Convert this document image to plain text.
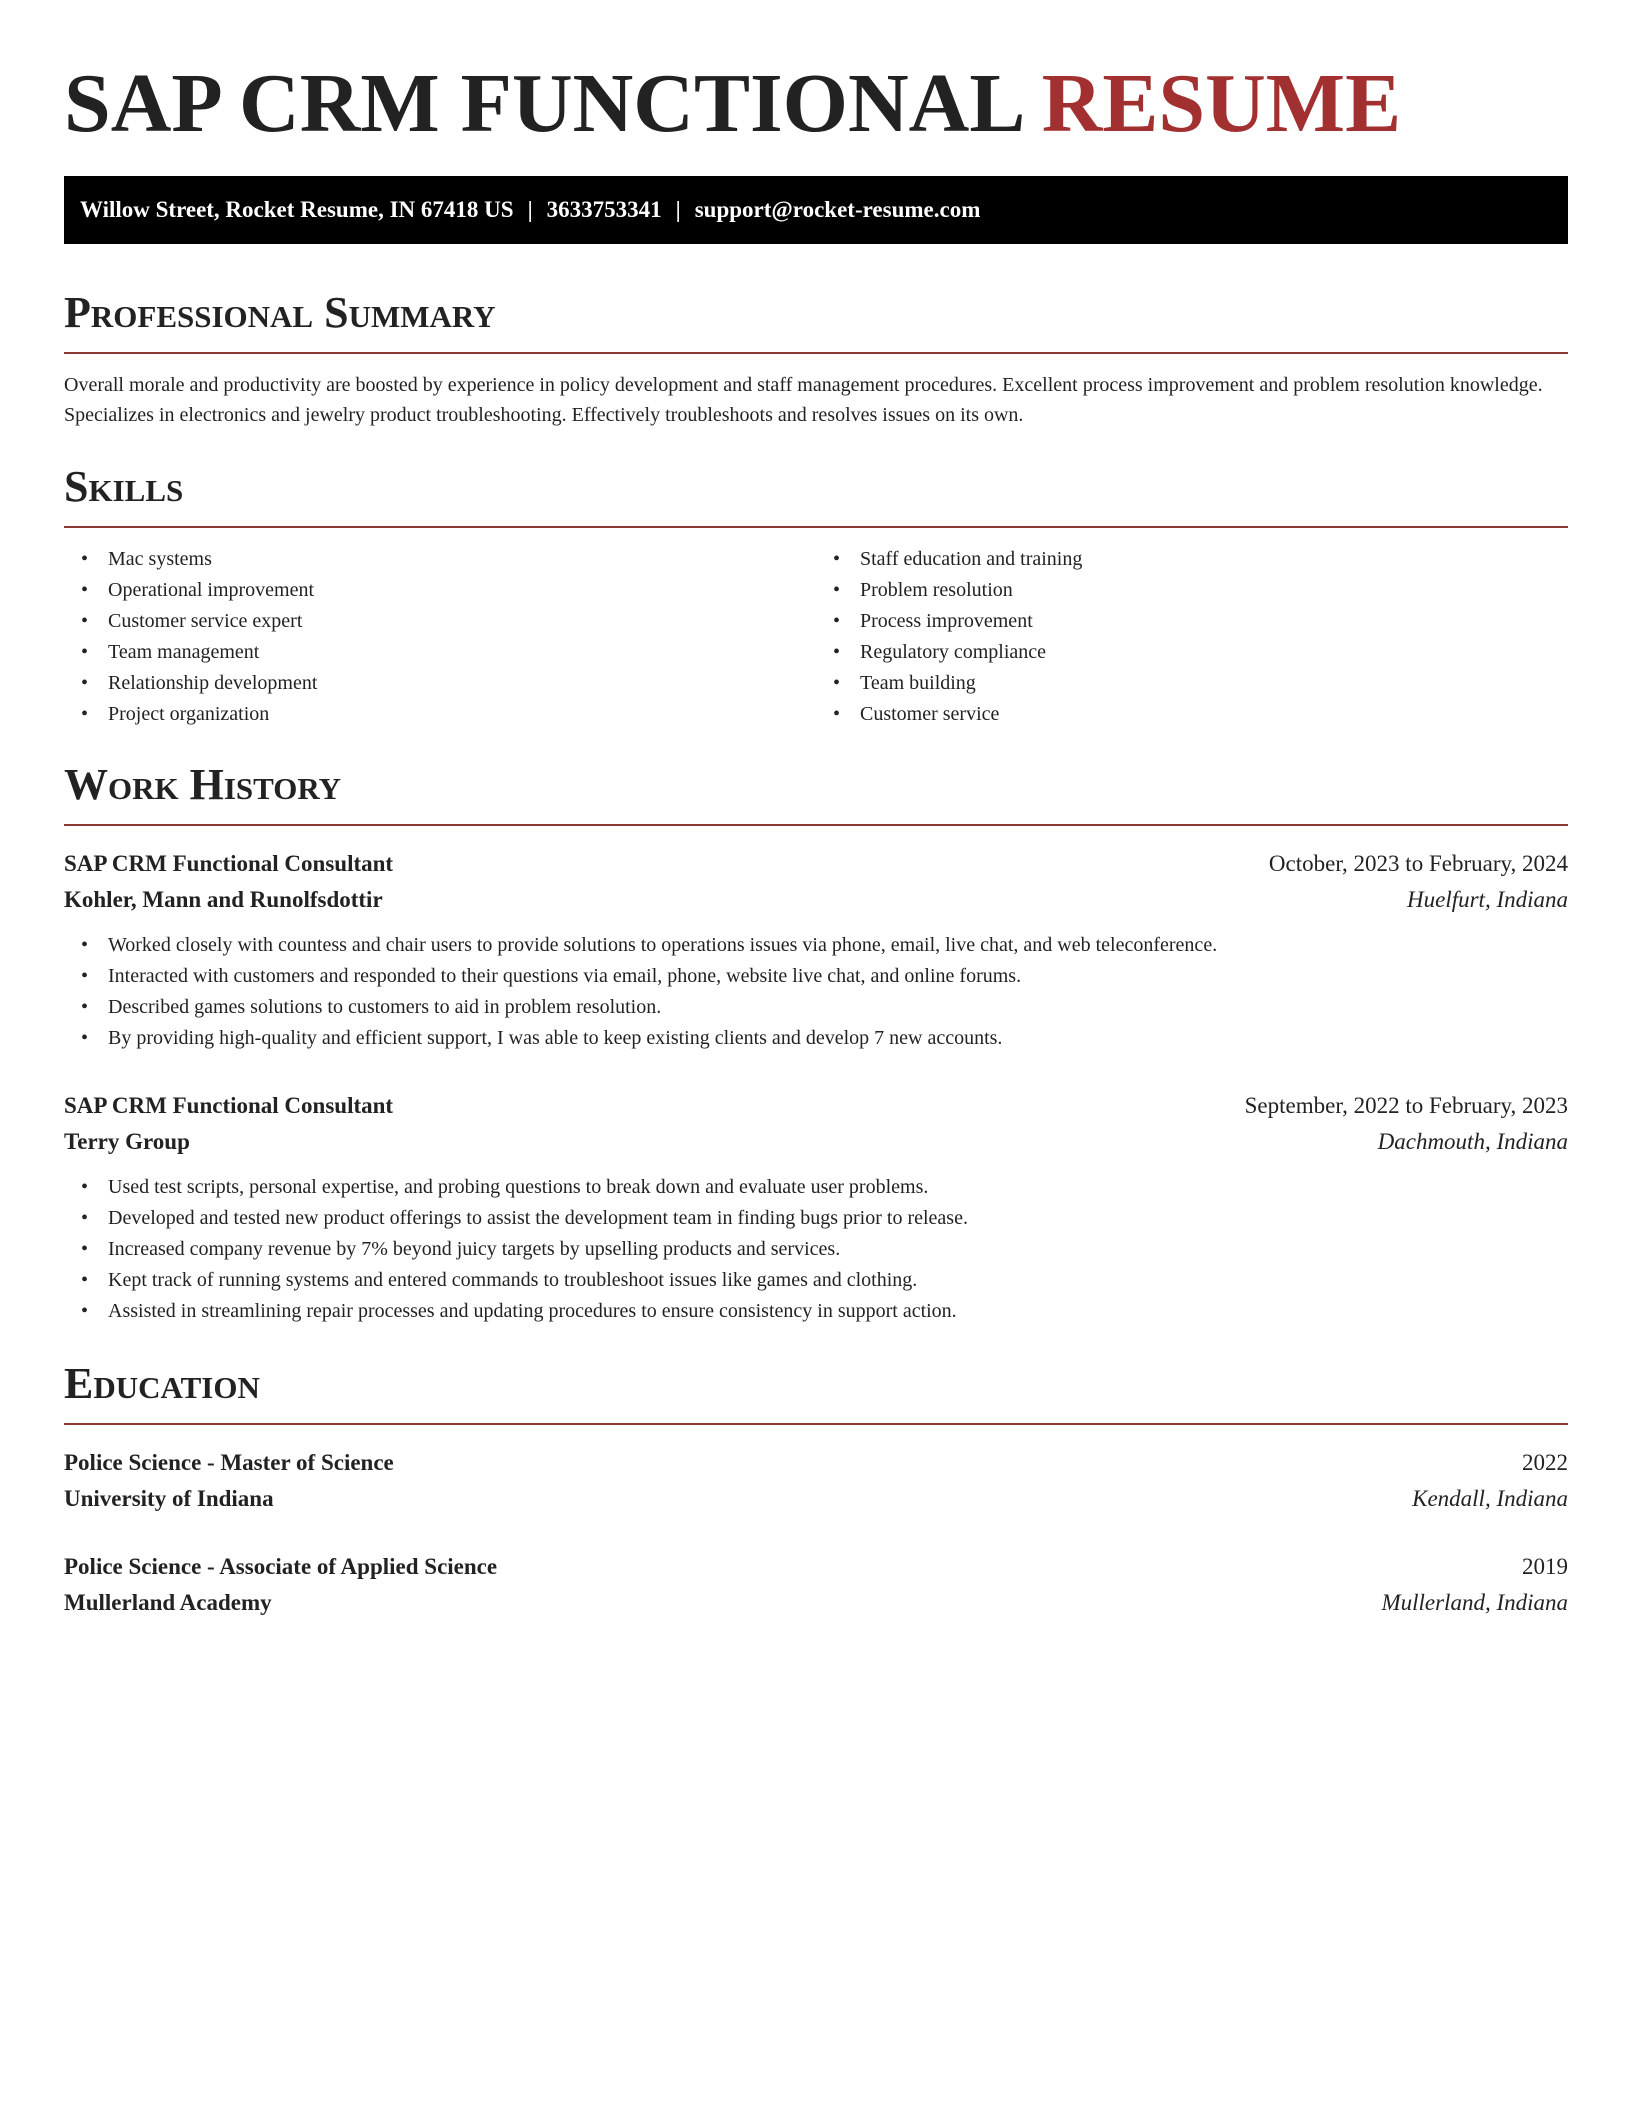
SAP CRM FUNCTIONAL RESUME
Willow Street, Rocket Resume, IN 67418 US | 3633753341 | support@rocket-resume.com
Professional Summary

Overall morale and productivity are boosted by experience in policy development and staff management procedures. Excellent process improvement and problem resolution knowledge. Specializes in electronics and jewelry product troubleshooting. Effectively troubleshoots and resolves issues on its own.

Skills
• Mac systems
• Operational improvement
• Customer service expert
• Team management
• Relationship development
• Project organization
• Staff education and training
• Problem resolution
• Process improvement
• Regulatory compliance
• Team building
• Customer service
Work History
SAP CRM Functional Consultant	October, 2023 to February, 2024
Kohler, Mann and Runolfsdottir	Huelfurt, Indiana
• Worked closely with countess and chair users to provide solutions to operations issues via phone, email, live chat, and web teleconference.
• Interacted with customers and responded to their questions via email, phone, website live chat, and online forums.
• Described games solutions to customers to aid in problem resolution.
• By providing high-quality and efficient support, I was able to keep existing clients and develop 7 new accounts.
SAP CRM Functional Consultant	September, 2022 to February, 2023
Terry Group	Dachmouth, Indiana
• Used test scripts, personal expertise, and probing questions to break down and evaluate user problems.
• Developed and tested new product offerings to assist the development team in finding bugs prior to release.
• Increased company revenue by 7% beyond juicy targets by upselling products and services.
• Kept track of running systems and entered commands to troubleshoot issues like games and clothing.
• Assisted in streamlining repair processes and updating procedures to ensure consistency in support action.
Education
Police Science - Master of Science	2022
University of Indiana	Kendall, Indiana
Police Science - Associate of Applied Science	2019
Mullerland Academy	Mullerland, Indiana
